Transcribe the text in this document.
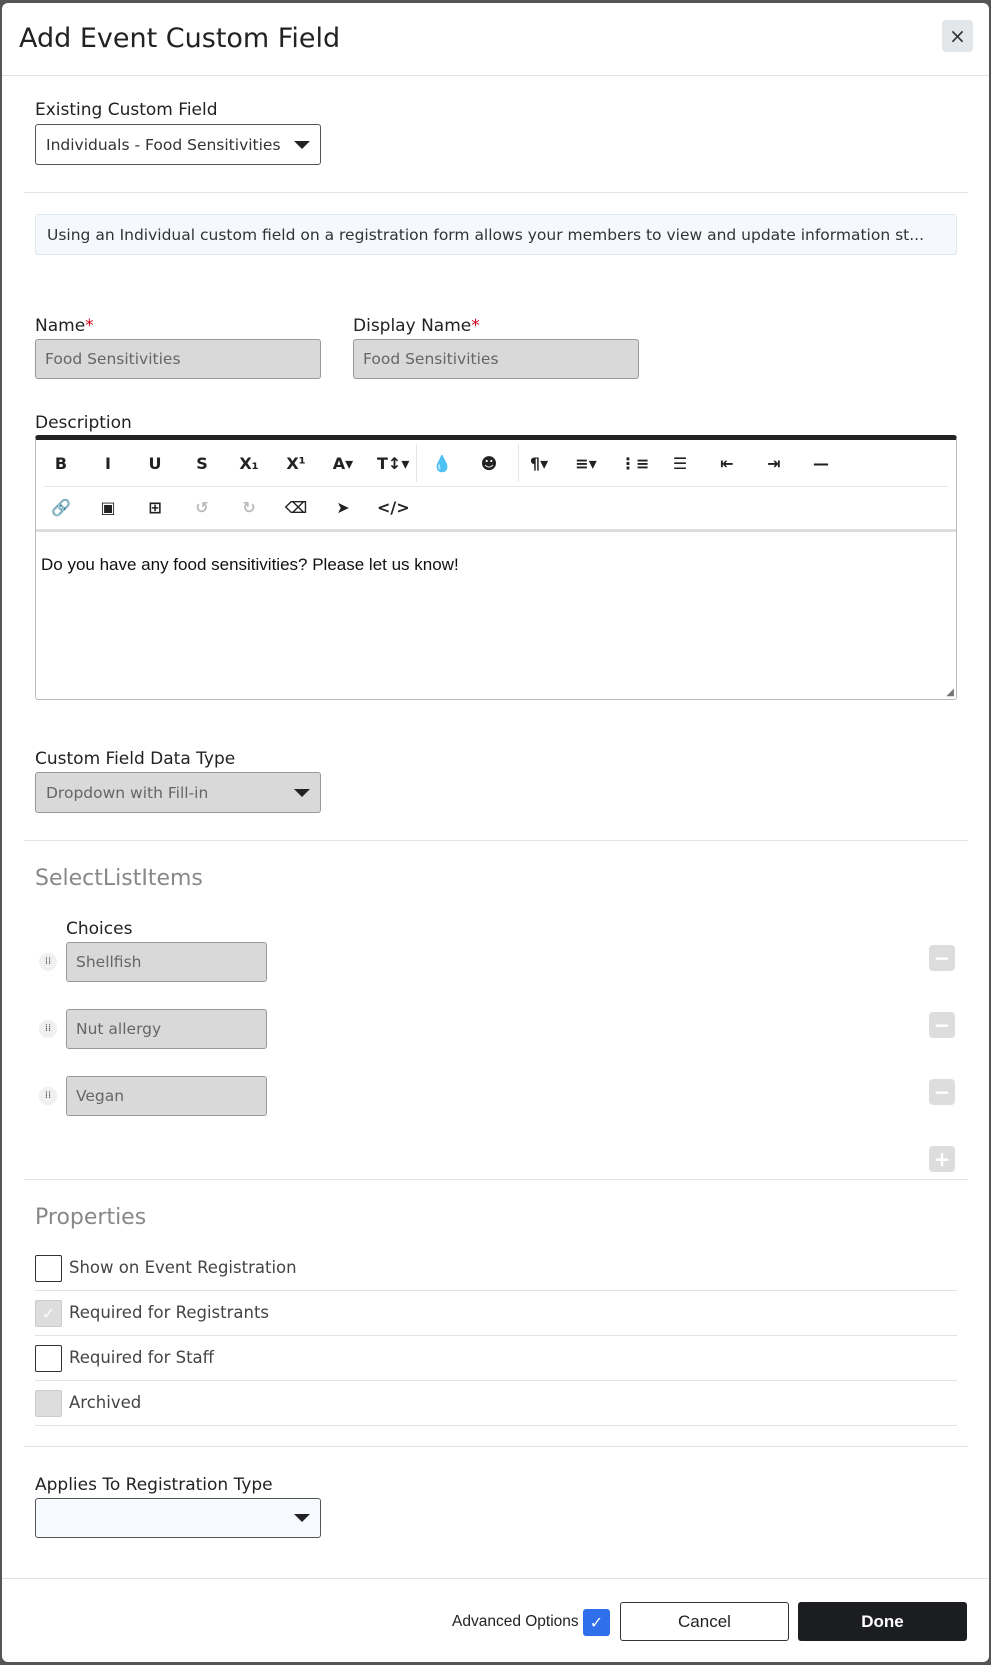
Add Event Custom Field	×
Existing Custom Field
Individuals - Food Sensitivities
Using an Individual custom field on a registration form allows your members to view and update information st...
Name*
Food Sensitivities
Display Name*
Food Sensitivities
Description
B	I	U	S	X₁ X¹ A▾ T↕▾ 💧 ☻ ¶▾ ≡▾ ⋮≡	☰	⇤	⇥	—
🔗	▣	⊞	↺	↻	⌫	➤	</>
Do you have any food sensitivities? Please let us know!
◢
Custom Field Data Type
Dropdown with Fill-in
SelectListItems
Choices
⁞⁞	Shellfish	−
⁞⁞	Nut allergy	−
⁞⁞	Vegan	−
+
Properties
Show on Event Registration
✓ Required for Registrants
Required for Staff
Archived
Applies To Registration Type
Advanced Options ✓	Cancel	Done
